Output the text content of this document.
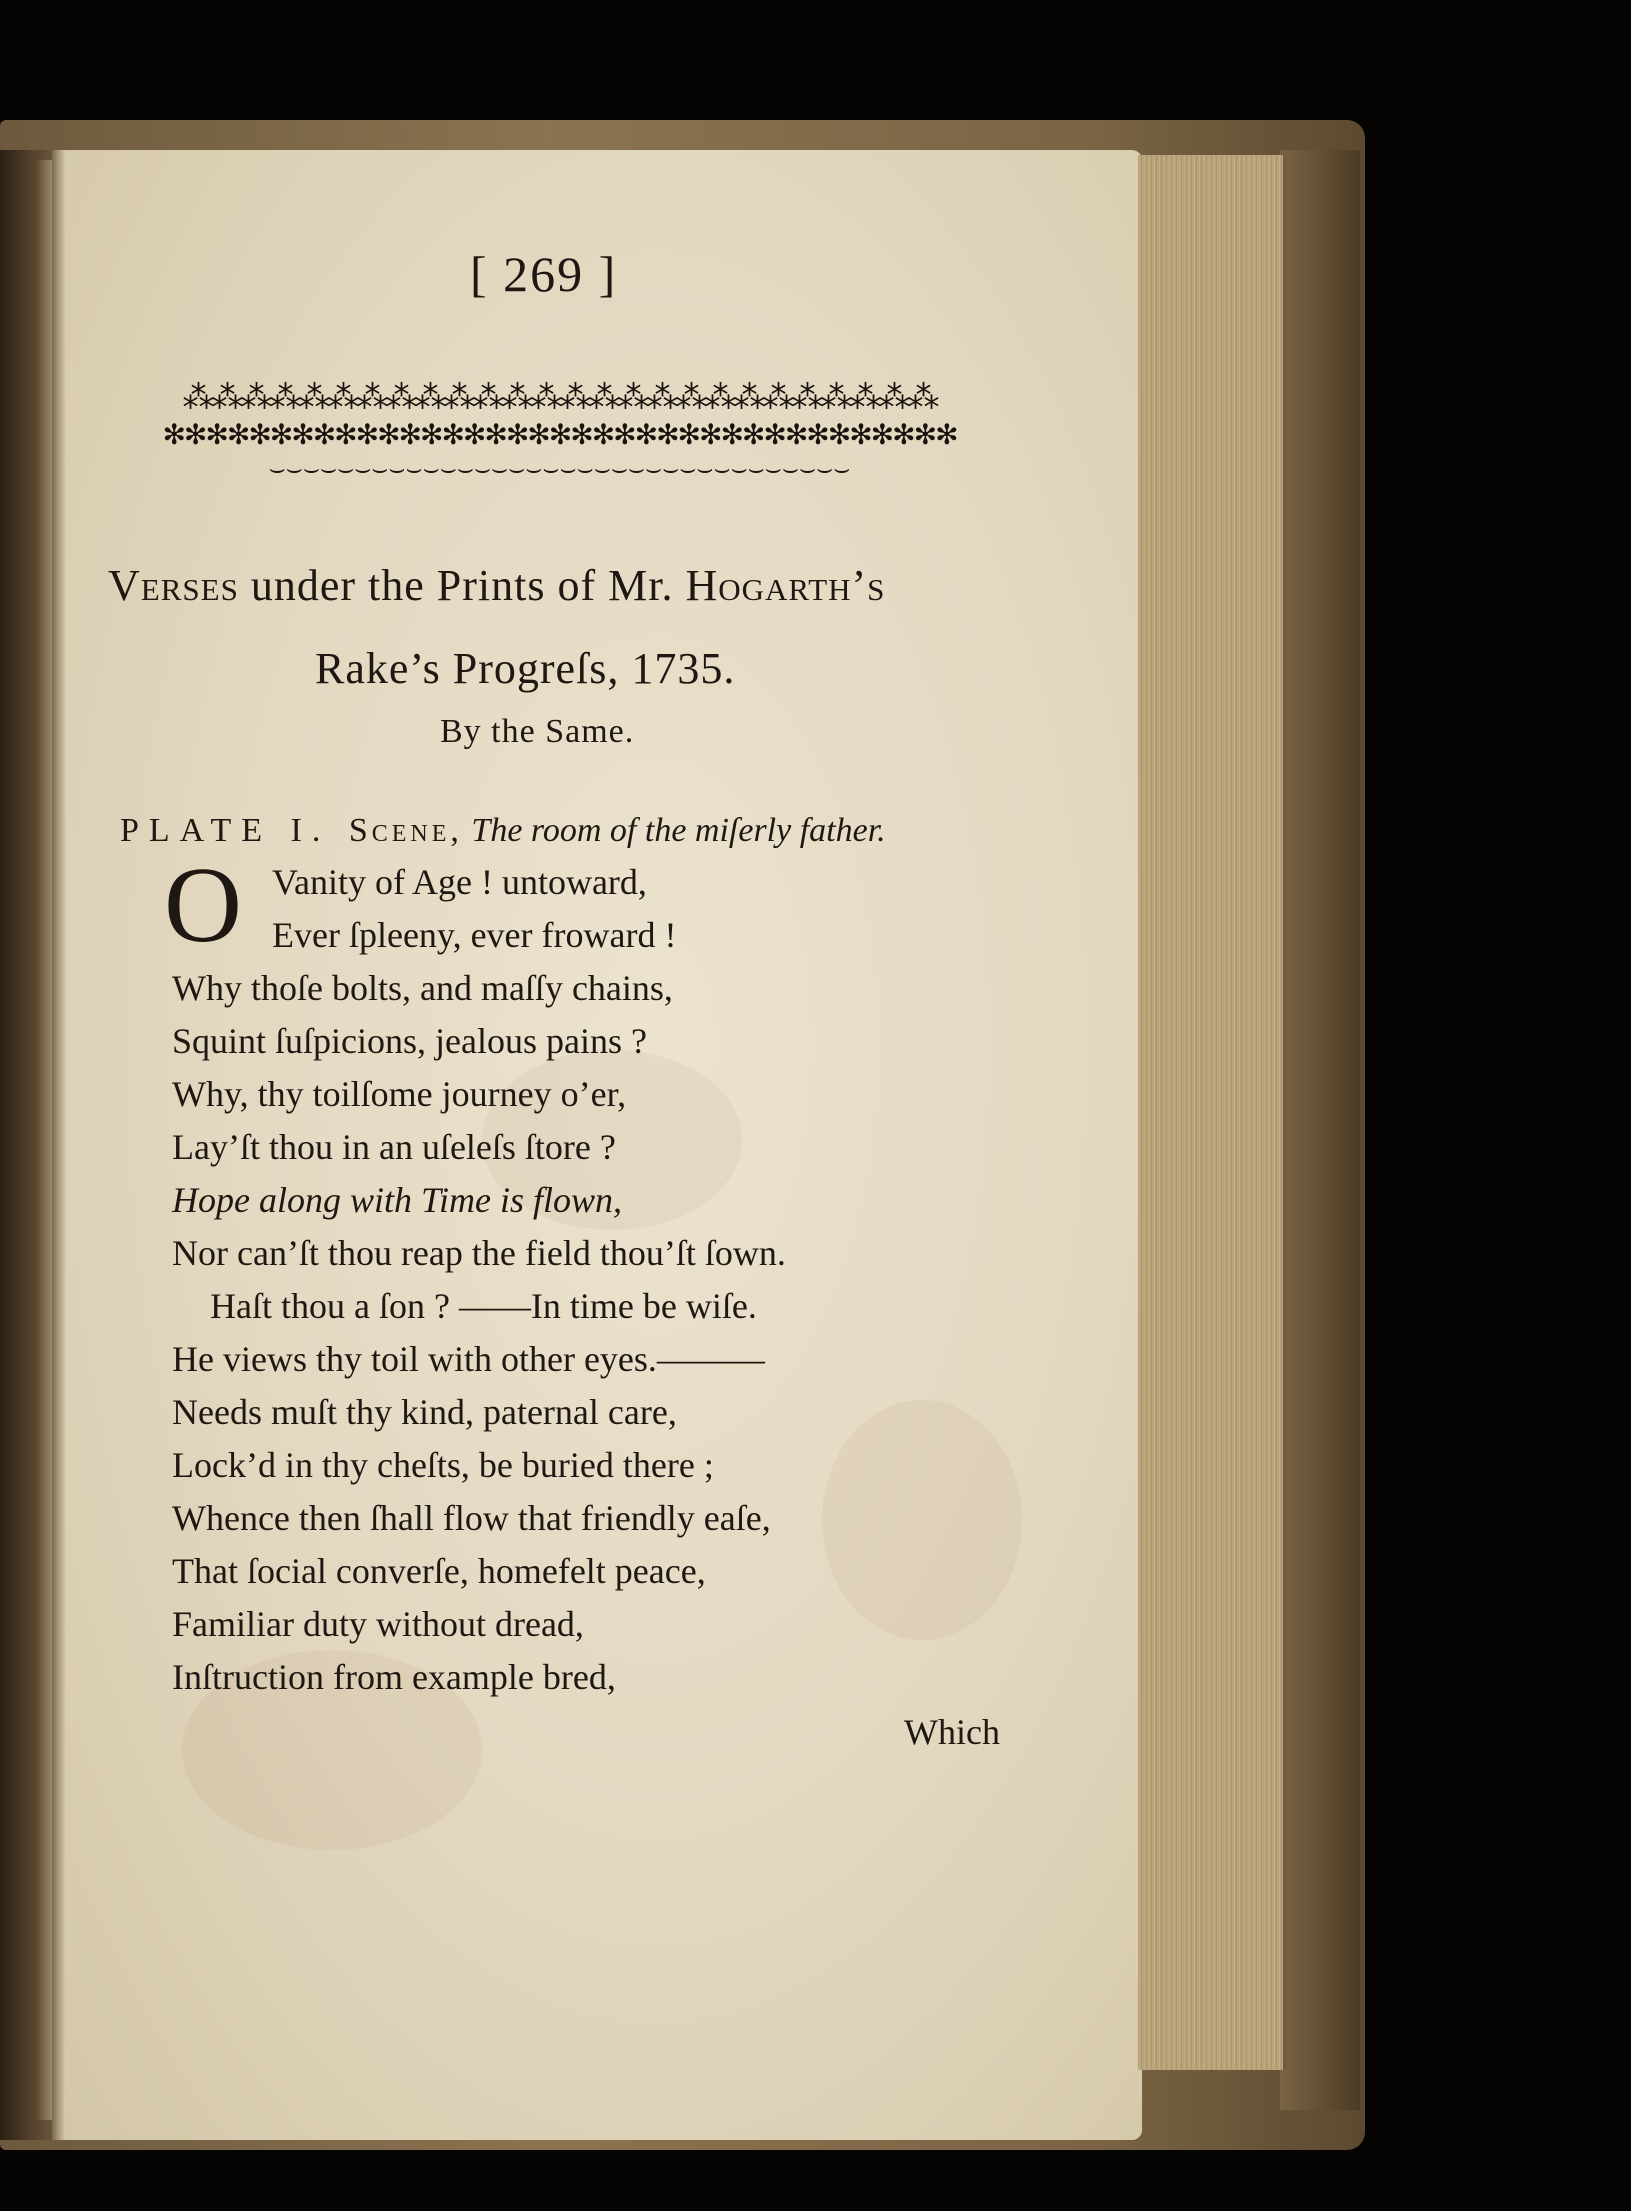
[ 269 ]
⁂⁂⁂⁂⁂⁂⁂⁂⁂⁂⁂⁂⁂⁂⁂⁂⁂⁂⁂⁂⁂⁂⁂⁂⁂⁂
✻✻✻✻✻✻✻✻✻✻✻✻✻✻✻✻✻✻✻✻✻✻✻✻✻✻✻✻✻✻✻✻✻✻✻✻✻
⌣⌣⌣⌣⌣⌣⌣⌣⌣⌣⌣⌣⌣⌣⌣⌣⌣⌣⌣⌣⌣⌣⌣⌣⌣⌣⌣⌣⌣⌣⌣⌣⌣⌣
Verses under the Prints of Mr. Hogarth’s
Rake’s Progreſs, 1735.
By the Same.
PLATE I. Scene, The room of the miſerly father.
O Vanity of Age ! untoward,
Ever ſpleeny, ever froward !
Why thoſe bolts, and maſſy chains,
Squint ſuſpicions, jealous pains ?
Why, thy toilſome journey o’er,
Lay’ſt thou in an uſeleſs ſtore ?
Hope along with Time is flown,
Nor can’ſt thou reap the field thou’ſt ſown.
Haſt thou a ſon ? ——In time be wiſe.
He views thy toil with other eyes.———
Needs muſt thy kind, paternal care,
Lock’d in thy cheſts, be buried there ;
Whence then ſhall flow that friendly eaſe,
That ſocial converſe, homefelt peace,
Familiar duty without dread,
Inſtruction from example bred,
Which
